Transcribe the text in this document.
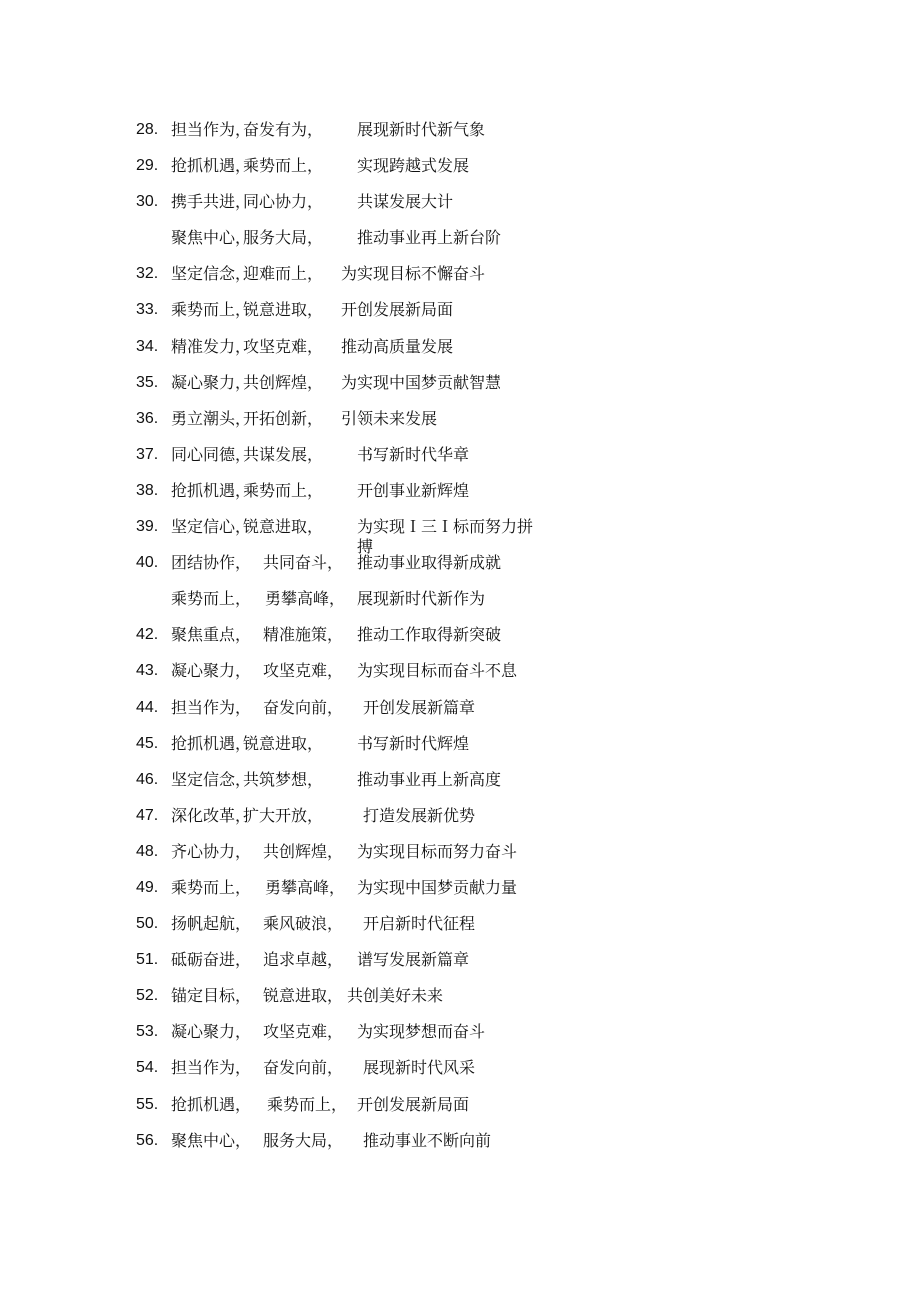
28. 担当作为，
奋发有为， 展现新时代新气象
29. 抢抓机遇，
乘势而上， 实现跨越式发展
30. 携手共进，
同心协力， 共谋发展大计
聚焦中心，
服务大局， 推动事业再上新台阶
32. 坚定信念，
迎难而上， 为实现目标不懈奋斗
33. 乘势而上，
锐意进取， 开创发展新局面
34. 精准发力，
攻坚克难， 推动高质量发展
35. 凝心聚力，
共创辉煌， 为实现中国梦贡献智慧
36. 勇立潮头，
开拓创新， 引领未来发展
37. 同心同德，
共谋发展， 书写新时代华章
38. 抢抓机遇，
乘势而上， 开创事业新辉煌
39. 坚定信心，
锐意进取， 为实现Ｉ三Ｉ标而努力拼
搏
40. 团结协作， 共同奋斗， 推动事业取得新成就
乘势而上， 勇攀高峰， 展现新时代新作为
42. 聚焦重点， 精准施策， 推动工作取得新突破
43. 凝心聚力， 攻坚克难， 为实现目标而奋斗不息
44. 担当作为， 奋发向前， 开创发展新篇章
45. 抢抓机遇，
锐意进取， 书写新时代辉煌
46. 坚定信念，
共筑梦想， 推动事业再上新高度
47. 深化改革，
扩大开放， 打造发展新优势
48. 齐心协力， 共创辉煌， 为实现目标而努力奋斗
49. 乘势而上， 勇攀高峰， 为实现中国梦贡献力量
50. 扬帆起航， 乘风破浪， 开启新时代征程
51. 砥砺奋进， 追求卓越， 谱写发展新篇章
52. 锚定目标， 锐意进取， 共创美好未来
53. 凝心聚力， 攻坚克难， 为实现梦想而奋斗
54. 担当作为， 奋发向前， 展现新时代风采
55. 抢抓机遇， 乘势而上， 开创发展新局面
56. 聚焦中心， 服务大局， 推动事业不断向前
